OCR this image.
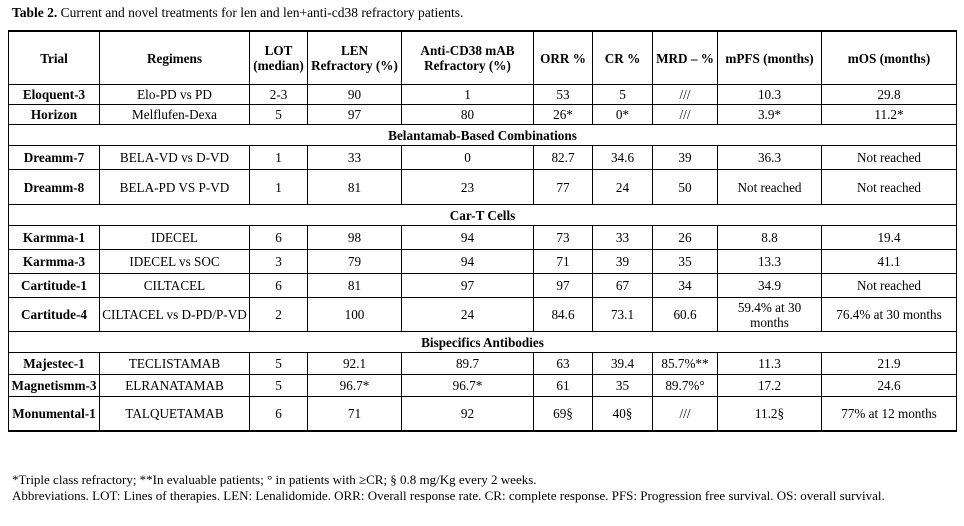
Table 2. Current and novel treatments for len and len+anti-cd38 refractory patients.
Trial	Regimens	LOT (median)	LEN Refractory (%)	Anti-CD38 mAB Refractory (%)	ORR %	CR %	MRD – %	mPFS (months)	mOS (months)
Eloquent-3	Elo-PD vs PD	2-3	90	1	53	5	///	10.3	29.8
Horizon	Melflufen-Dexa	5	97	80	26*	0*	///	3.9*	11.2*
Belantamab-Based Combinations									
Dreamm-7	BELA-VD vs D-VD	1	33	0	82.7	34.6	39	36.3	Not reached
Dreamm-8	BELA-PD VS P-VD	1	81	23	77	24	50	Not reached	Not reached
Car-T Cells									
Karmma-1	IDECEL	6	98	94	73	33	26	8.8	19.4
Karmma-3	IDECEL vs SOC	3	79	94	71	39	35	13.3	41.1
Cartitude-1	CILTACEL	6	81	97	97	67	34	34.9	Not reached
Cartitude-4	CILTACEL vs D-PD/P-VD	2	100	24	84.6	73.1	60.6	59.4% at 30 months	76.4% at 30 months
Bispecifics Antibodies									
Majestec-1	TECLISTAMAB	5	92.1	89.7	63	39.4	85.7%**	11.3	21.9
Magnetismm-3	ELRANATAMAB	5	96.7*	96.7*	61	35	89.7%°	17.2	24.6
Monumental-1	TALQUETAMAB	6	71	92	69§	40§	///	11.2§	77% at 12 months
*Triple class refractory; **In evaluable patients; ° in patients with ≥CR; § 0.8 mg/Kg every 2 weeks.
Abbreviations. LOT: Lines of therapies. LEN: Lenalidomide. ORR: Overall response rate. CR: complete response. PFS: Progression free survival. OS: overall survival.
